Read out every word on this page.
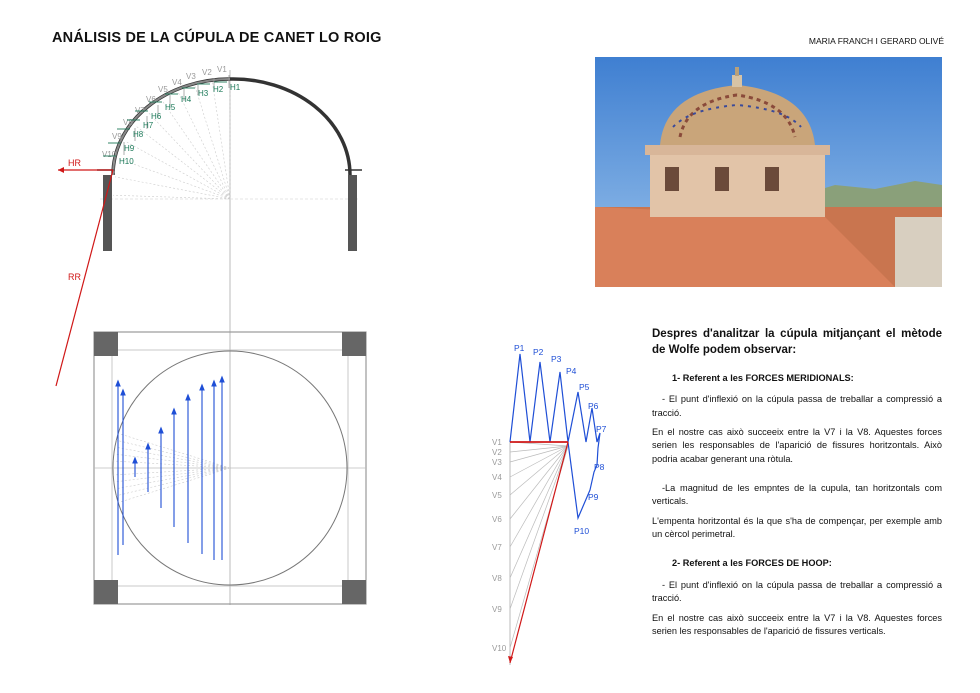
ANÁLISIS DE LA CÚPULA DE CANET LO ROIG	MARIA FRANCH I GERARD OLIVÉ
V1
V2
V3
V4
V5
V6
V7
V8
V9
V10
H1
H2
H3
H4
H5
H6
H7
H8
H9
H10
HR
RR
P1 P2
P3
P4
P5
P6
P7
P8
P9
P10
V1
V2
V3
V4
V5
V6
V7
V8
V9
V10
Despres d'analitzar la cúpula mitjançant el mètode de Wolfe podem observar:
1- Referent a les FORCES MERIDIONALS:

- El punt d'inflexió on la cúpula passa de treballar a compressió a tracció.

En el nostre cas això succeeix entre la V7 i la V8. Aquestes forces serien les responsables de l'aparició de fissures horitzontals. Això podria acabar generant una ròtula.

-La magnitud de les empntes de la cupula, tan horitzontals com verticals.

L'empenta horitzontal és la que s'ha de compençar, per exemple amb un cèrcol perimetral.

2- Referent a les FORCES DE HOOP:

- El punt d'inflexió on la cúpula passa de treballar a compressió a tracció.

En el nostre cas això succeeix entre la V7 i la V8. Aquestes forces serien les responsables de l'aparició de fissures verticals.
